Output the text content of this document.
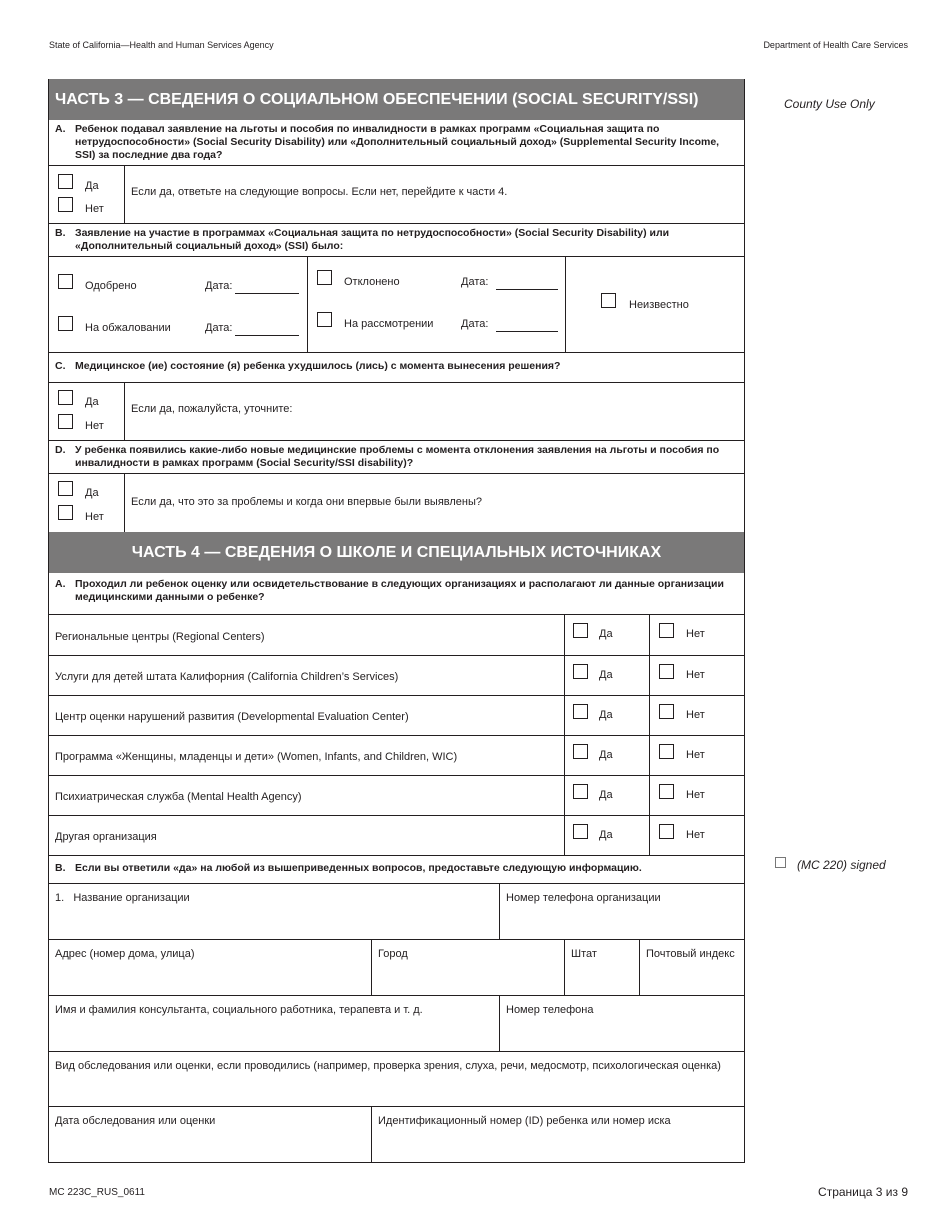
State of California—Health and Human Services Agency	Department of Health Care Services
County Use Only
(MC 220) signed
ЧАСТЬ 3 — СВЕДЕНИЯ О СОЦИАЛЬНОМ ОБЕСПЕЧЕНИИ (SOCIAL SECURITY/SSI)
A. Ребенок подавал заявление на льготы и пособия по инвалидности в рамках программ «Социальная защита по нетрудоспособности» (Social Security Disability) или «Дополнительный социальный доход» (Supplemental Security Income, SSI) за последние два года?
Да
Нет
Если да, ответьте на следующие вопросы. Если нет, перейдите к части 4.
B. Заявление на участие в программах «Социальная защита по нетрудоспособности» (Social Security Disability) или «Дополнительный социальный доход» (SSI) было:
Одобрено	Дата:
На обжаловании	Дата:
Отклонено	Дата:
На рассмотрении	Дата:
Неизвестно
C. Медицинское (ие) состояние (я) ребенка ухудшилось (лись) с момента вынесения решения?
Да
Нет
Если да, пожалуйста, уточните:
D. У ребенка появились какие-либо новые медицинские проблемы с момента отклонения заявления на льготы и пособия по инвалидности в рамках программ (Social Security/SSI disability)?
Да
Нет
Если да, что это за проблемы и когда они впервые были выявлены?
ЧАСТЬ 4 — СВЕДЕНИЯ О ШКОЛЕ И СПЕЦИАЛЬНЫХ ИСТОЧНИКАХ
A. Проходил ли ребенок оценку или освидетельствование в следующих организациях и располагают ли данные организации медицинскими данными о ребенке?
Региональные центры (Regional Centers)	Да	Нет
Услуги для детей штата Калифорния (California Children’s Services)	Да	Нет
Центр оценки нарушений развития (Developmental Evaluation Center)	Да	Нет
Программа «Женщины, младенцы и дети» (Women, Infants, and Children, WIC)	Да	Нет
Психиатрическая служба (Mental Health Agency)	Да	Нет
Другая организация	Да	Нет
B. Если вы ответили «да» на любой из вышеприведенных вопросов, предоставьте следующую информацию.
1. Название организации	Номер телефона организации
Адрес (номер дома, улица)	Город	Штат	Почтовый индекс
Имя и фамилия консультанта, социального работника, терапевта и т. д.	Номер телефона
Вид обследования или оценки, если проводились (например, проверка зрения, слуха, речи, медосмотр, психологическая оценка)
Дата обследования или оценки	Идентификационный номер (ID) ребенка или номер иска
MC 223C_RUS_0611	Страница 3 из 9
